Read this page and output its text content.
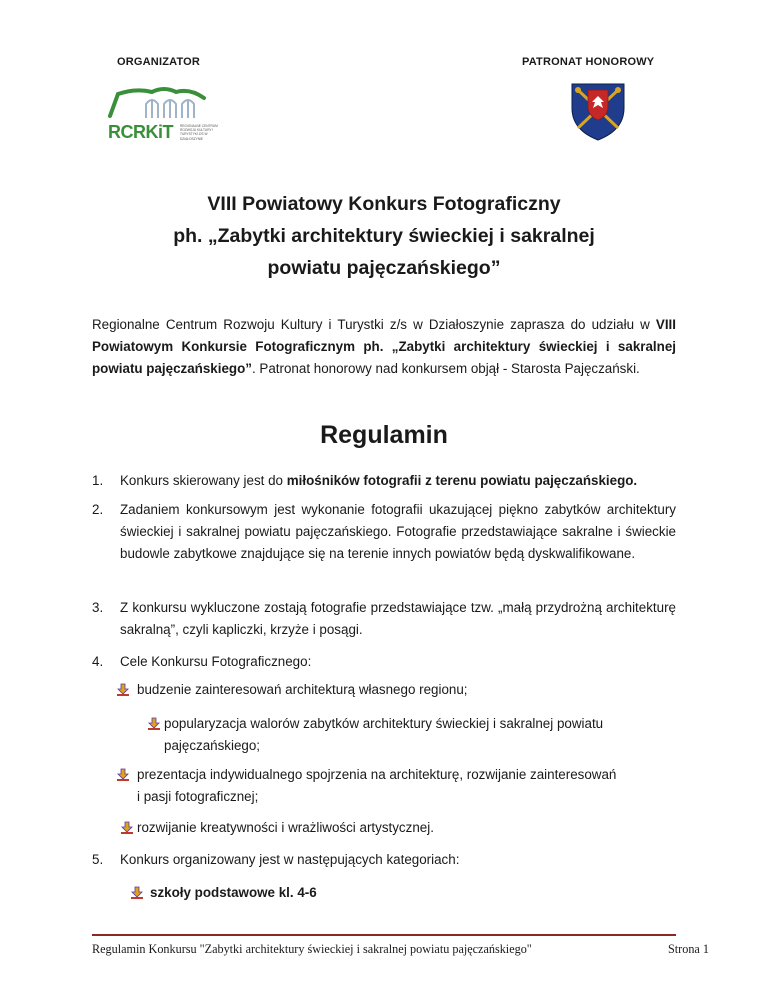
ORGANIZATOR	PATRONAT HONOROWY
RCRKiT REGIONALNE CENTRUM ROZWOJU KULTURY I TURYSTYKI Z/S W DZIAŁOSZYNIE
VIII Powiatowy Konkurs Fotograficzny
ph. „Zabytki architektury świeckiej i sakralnej
powiatu pajęczańskiego”
Regionalne Centrum Rozwoju Kultury i Turystki z/s w Działoszynie zaprasza do udziału w VIII Powiatowym Konkursie Fotograficznym ph. „Zabytki architektury świeckiej i sakralnej powiatu pajęczańskiego”. Patronat honorowy nad konkursem objął - Starosta Pajęczański.
Regulamin
1. Konkurs skierowany jest do miłośników fotografii z terenu powiatu pajęczańskiego.
2. Zadaniem konkursowym jest wykonanie fotografii ukazującej piękno zabytków architektury świeckiej i sakralnej powiatu pajęczańskiego. Fotografie przedstawiające sakralne i świeckie budowle zabytkowe znajdujące się na terenie innych powiatów będą dyskwalifikowane.
3. Z konkursu wykluczone zostają fotografie przedstawiające tzw. „małą przydrożną architekturę sakralną”, czyli kapliczki, krzyże i posągi.
4. Cele Konkursu Fotograficznego:
budzenie zainteresowań architekturą własnego regionu;
popularyzacja walorów zabytków architektury świeckiej i sakralnej powiatu
pajęczańskiego;
prezentacja indywidualnego spojrzenia na architekturę, rozwijanie zainteresowań
i pasji fotograficznej;
rozwijanie kreatywności i wrażliwości artystycznej.
5. Konkurs organizowany jest w następujących kategoriach:
szkoły podstawowe kl. 4-6
Regulamin Konkursu "Zabytki architektury świeckiej i sakralnej powiatu pajęczańskiego"	Strona 1
